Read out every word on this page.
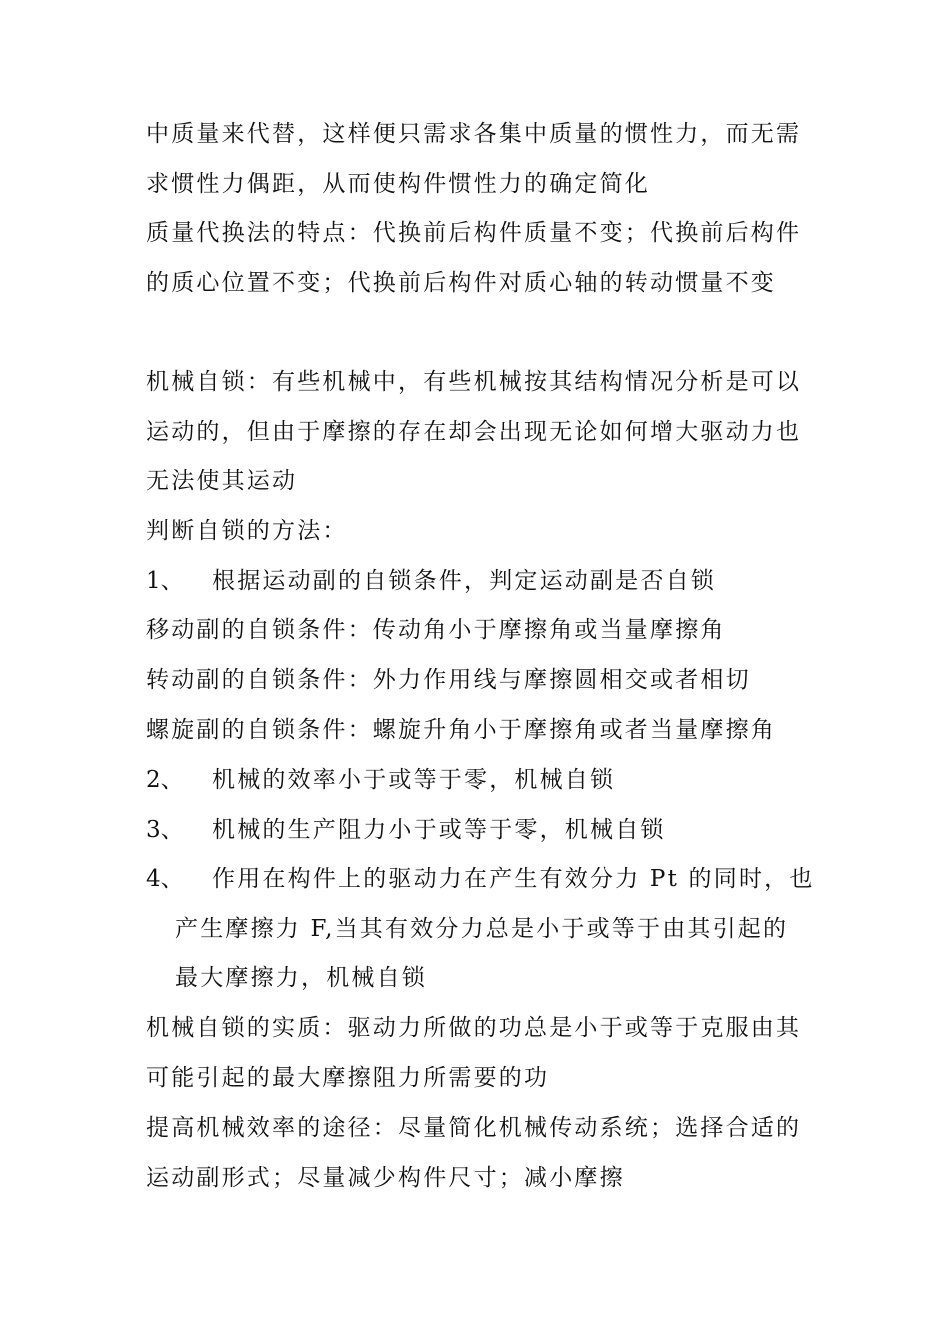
中质量来代替，这样便只需求各集中质量的惯性力，而无需
求惯性力偶距，从而使构件惯性力的确定简化
质量代换法的特点：代换前后构件质量不变；代换前后构件
的质心位置不变；代换前后构件对质心轴的转动惯量不变
机械自锁：有些机械中，有些机械按其结构情况分析是可以
运动的，但由于摩擦的存在却会出现无论如何增大驱动力也
无法使其运动
判断自锁的方法：
1、 根据运动副的自锁条件，判定运动副是否自锁
移动副的自锁条件：传动角小于摩擦角或当量摩擦角
转动副的自锁条件：外力作用线与摩擦圆相交或者相切
螺旋副的自锁条件：螺旋升角小于摩擦角或者当量摩擦角
2、 机械的效率小于或等于零，机械自锁
3、 机械的生产阻力小于或等于零，机械自锁
4、 作用在构件上的驱动力在产生有效分力 Pt 的同时，也
产生摩擦力 F,当其有效分力总是小于或等于由其引起的
最大摩擦力，机械自锁
机械自锁的实质：驱动力所做的功总是小于或等于克服由其
可能引起的最大摩擦阻力所需要的功
提高机械效率的途径：尽量简化机械传动系统；选择合适的
运动副形式；尽量减少构件尺寸；减小摩擦
